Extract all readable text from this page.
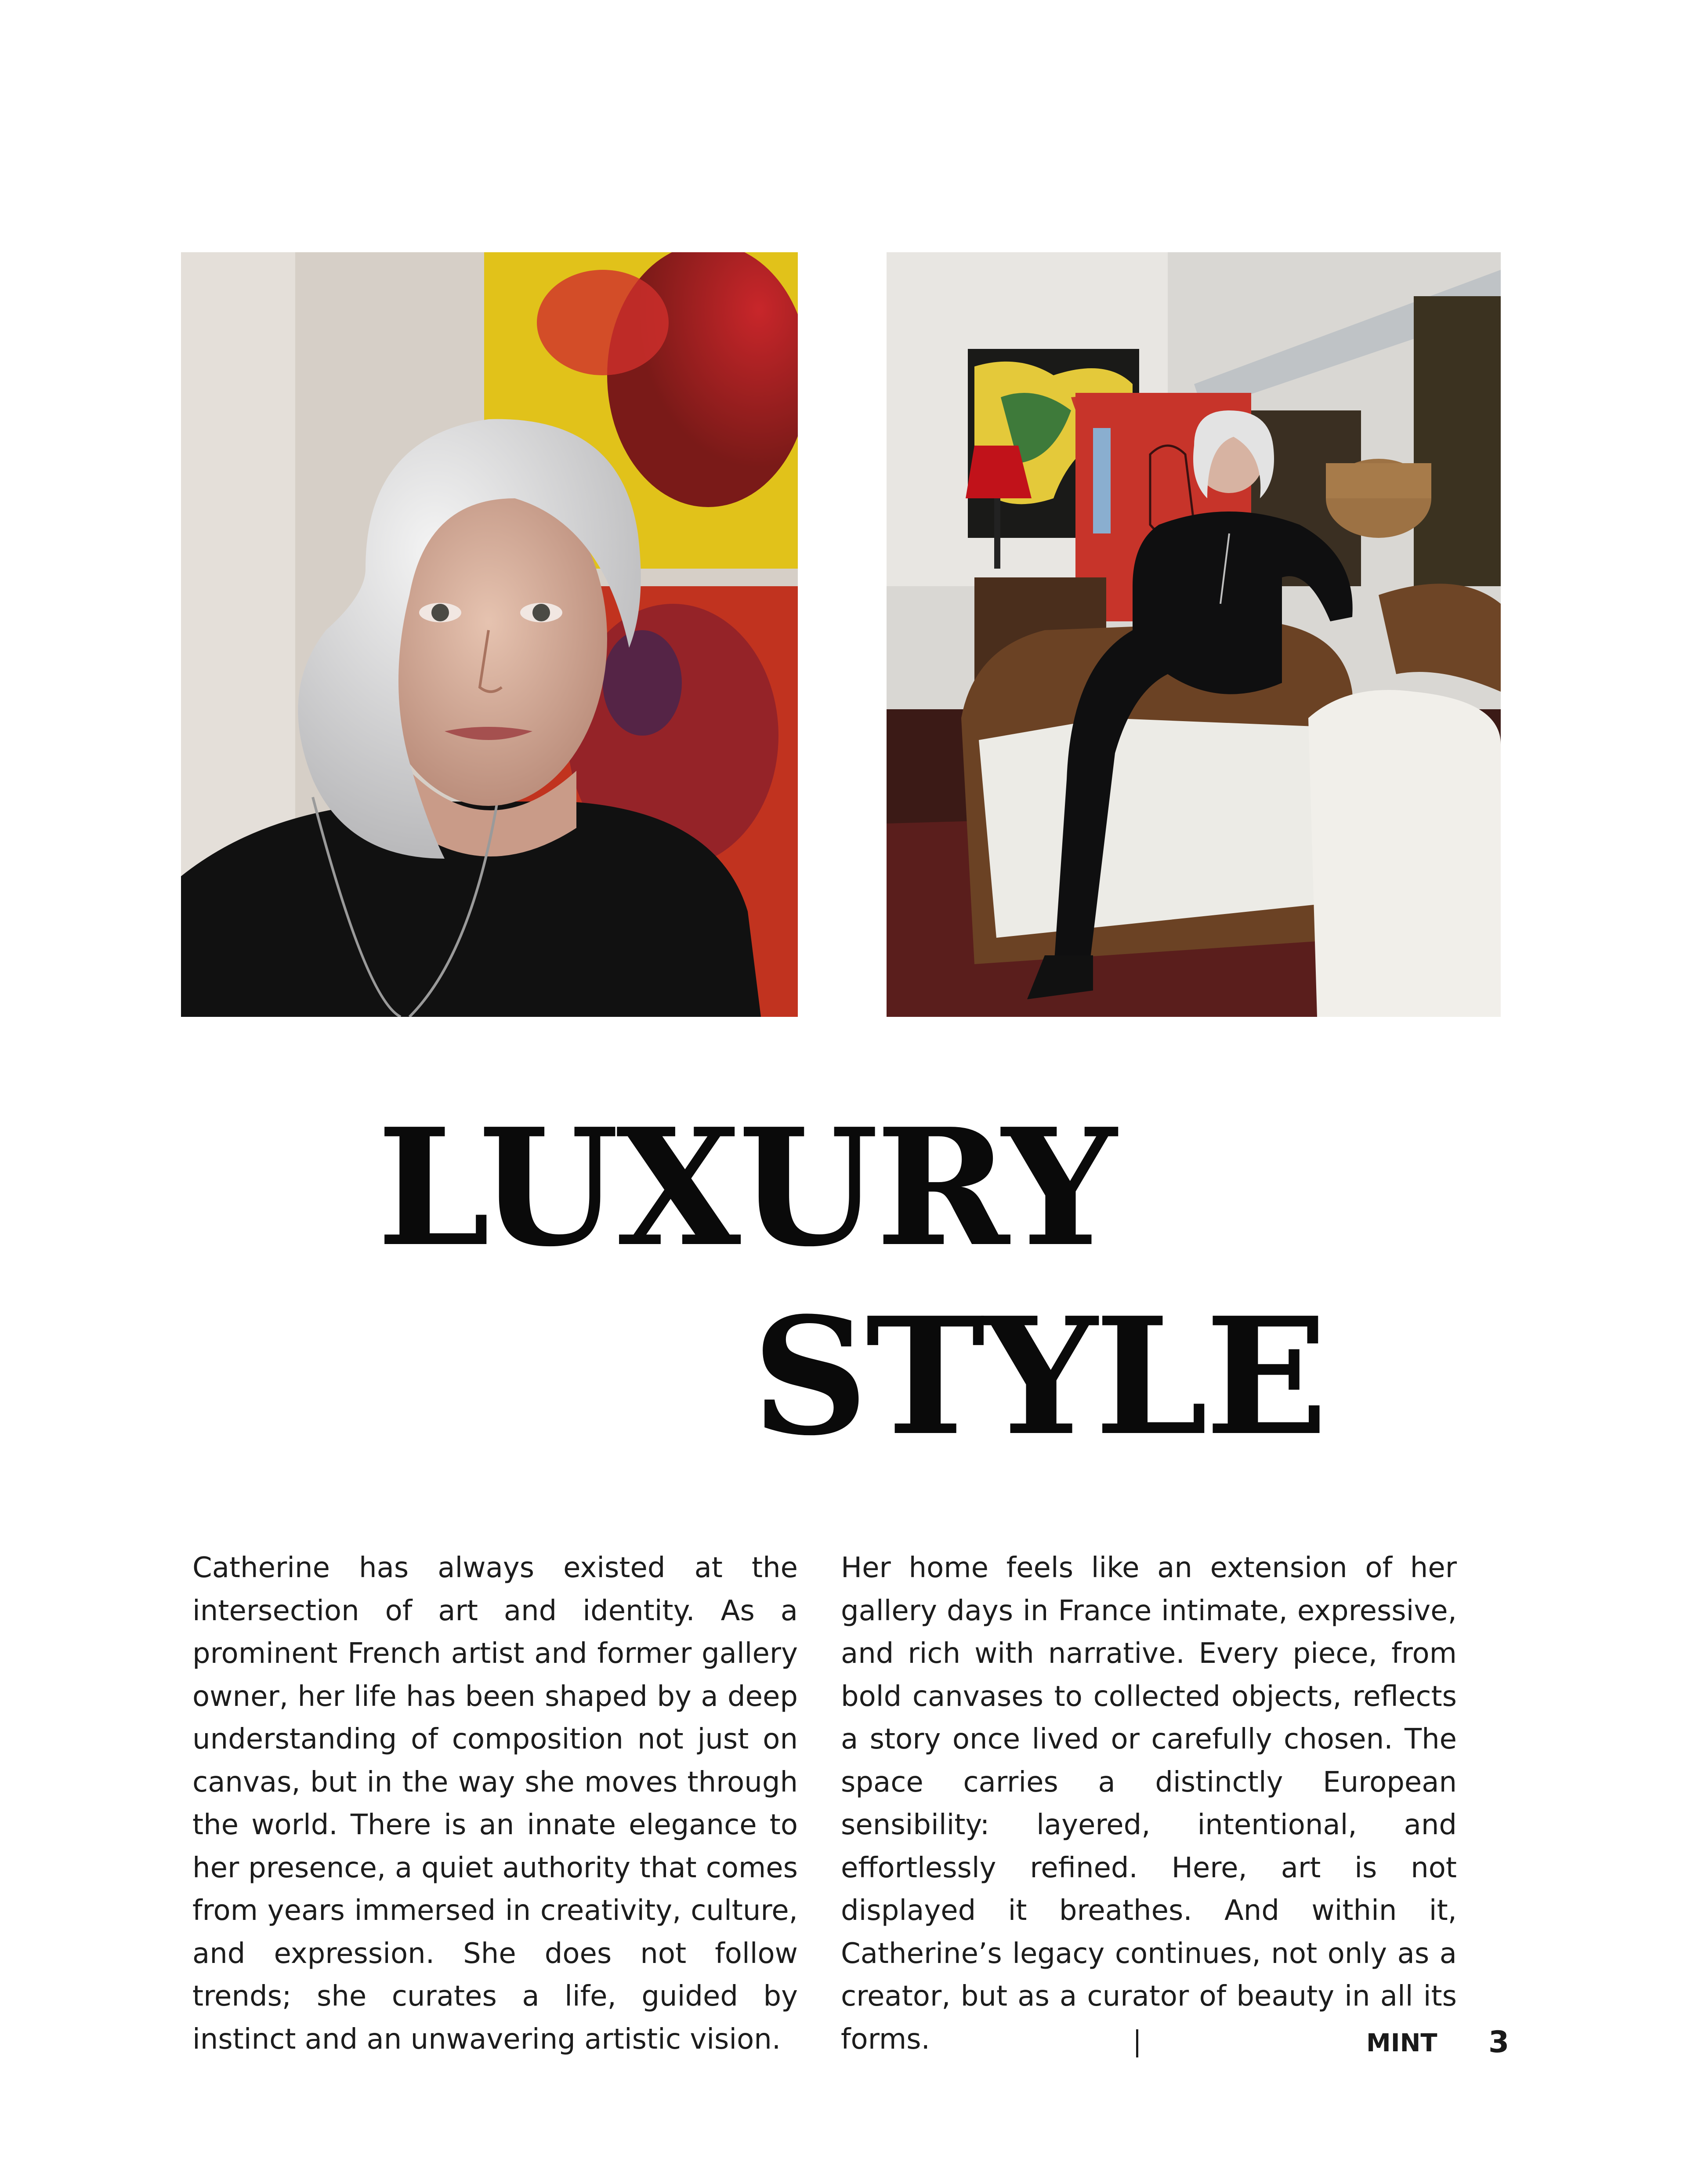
LUXURY
STYLE

Catherine has always existed at the intersection of art and identity. As a prominent French artist and former gallery owner, her life has been shaped by a deep understanding of composition not just on canvas, but in the way she moves through the world. There is an innate elegance to her presence, a quiet authority that comes from years immersed in creativity, culture, and expression. She does not follow trends; she curates a life, guided by instinct and an unwavering artistic vision.

Her home feels like an extension of her gallery days in France intimate, expressive, and rich with narrative. Every piece, from bold canvases to collected objects, reflects a story once lived or carefully chosen. The space carries a distinctly European sensibility: layered, intentional, and effortlessly refined. Here, art is not displayed it breathes. And within it, Catherine’s legacy continues, not only as a creator, but as a curator of beauty in all its forms.	MINT 3
